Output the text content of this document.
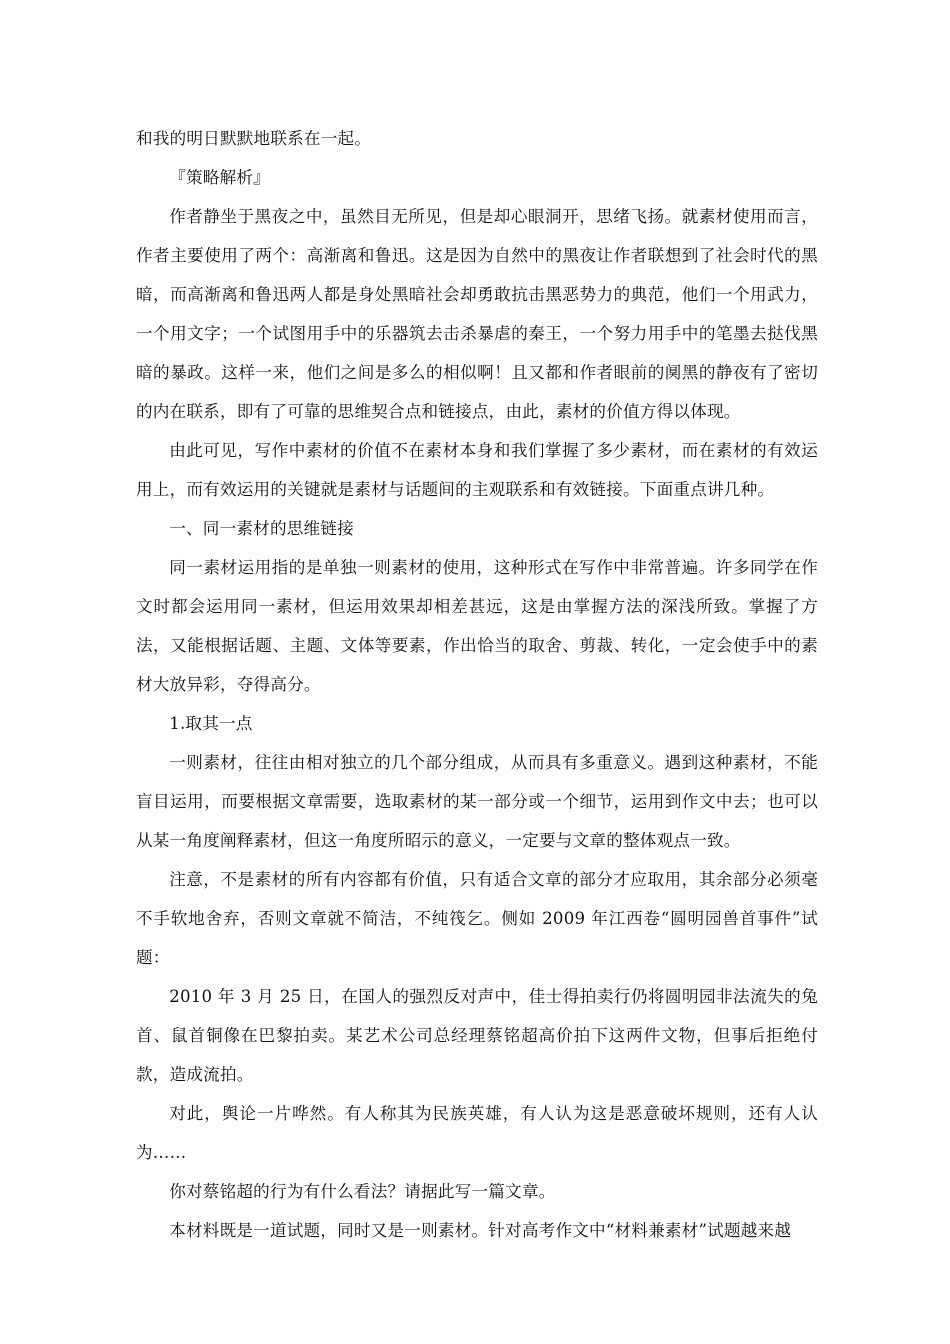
和我的明日默默地联系在一起。

『策略解析』

作者静坐于黑夜之中，虽然目无所见，但是却心眼洞开，思绪飞扬。就素材使用而言，作者主要使用了两个：高渐离和鲁迅。这是因为自然中的黑夜让作者联想到了社会时代的黑暗，而高渐离和鲁迅两人都是身处黑暗社会却勇敢抗击黑恶势力的典范，他们一个用武力，一个用文字；一个试图用手中的乐器筑去击杀暴虐的秦王，一个努力用手中的笔墨去挞伐黑暗的暴政。这样一来，他们之间是多么的相似啊！且又都和作者眼前的阒黑的静夜有了密切的内在联系，即有了可靠的思维契合点和链接点，由此，素材的价值方得以体现。

由此可见，写作中素材的价值不在素材本身和我们掌握了多少素材，而在素材的有效运用上，而有效运用的关键就是素材与话题间的主观联系和有效链接。下面重点讲几种。

一、同一素材的思维链接

同一素材运用指的是单独一则素材的使用，这种形式在写作中非常普遍。许多同学在作文时都会运用同一素材，但运用效果却相差甚远，这是由掌握方法的深浅所致。掌握了方法，又能根据话题、主题、文体等要素，作出恰当的取舍、剪裁、转化，一定会使手中的素材大放异彩，夺得高分。

1.取其一点

一则素材，往往由相对独立的几个部分组成，从而具有多重意义。遇到这种素材，不能盲目运用，而要根据文章需要，选取素材的某一部分或一个细节，运用到作文中去；也可以从某一角度阐释素材，但这一角度所昭示的意义，一定要与文章的整体观点一致。

注意，不是素材的所有内容都有价值，只有适合文章的部分才应取用，其余部分必须毫不手软地舍弃，否则文章就不简洁，不纯筏乞。侧如 2009 年江西卷“圆明园兽首事件”试题：

2010 年 3 月 25 日，在国人的强烈反对声中，佳士得拍卖行仍将圆明园非法流失的兔首、鼠首铜像在巴黎拍卖。某艺术公司总经理蔡铭超高价拍下这两件文物，但事后拒绝付款，造成流拍。

对此，舆论一片哗然。有人称其为民族英雄，有人认为这是恶意破坏规则，还有人认为……

你对蔡铭超的行为有什么看法？请据此写一篇文章。

本材料既是一道试题，同时又是一则素材。针对高考作文中“材料兼素材”试题越来越
